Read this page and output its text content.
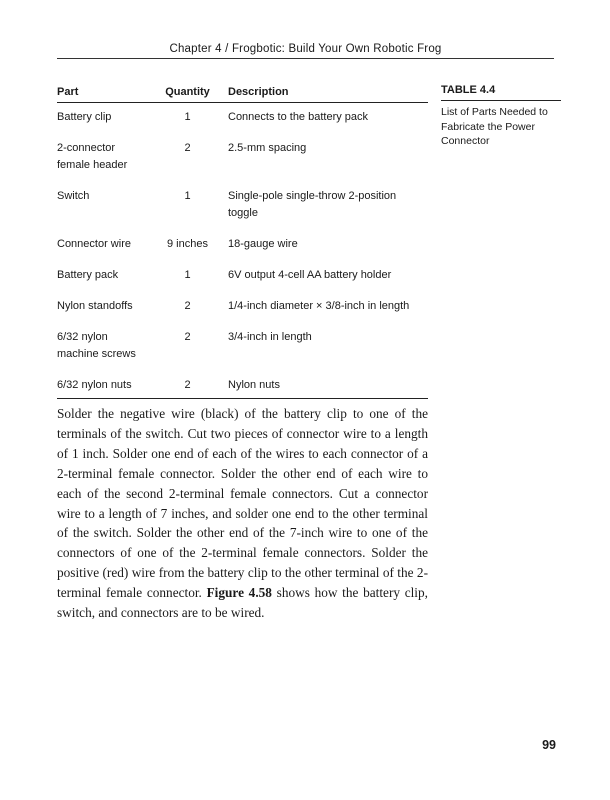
Chapter 4 / Frogbotic: Build Your Own Robotic Frog
Part	Quantity	Description
Battery clip	1	Connects to the battery pack
2-connector female header	2	2.5-mm spacing
Switch	1	Single-pole single-throw 2-position toggle
Connector wire	9 inches	18-gauge wire
Battery pack	1	6V output 4-cell AA battery holder
Nylon standoffs	2	1/4-inch diameter × 3/8-inch in length
6/32 nylon machine screws	2	3/4-inch in length
6/32 nylon nuts	2	Nylon nuts
TABLE 4.4
List of Parts Needed to Fabricate the Power Connector

Solder the negative wire (black) of the battery clip to one of the terminals of the switch. Cut two pieces of connector wire to a length of 1 inch. Solder one end of each of the wires to each connector of a 2-terminal female connector. Solder the other end of each wire to each of the second 2-terminal female connectors. Cut a connector wire to a length of 7 inches, and solder one end to the other terminal of the switch. Solder the other end of the 7-inch wire to one of the connectors of one of the 2-terminal female connectors. Solder the positive (red) wire from the battery clip to the other terminal of the 2-terminal female connector. Figure 4.58 shows how the battery clip, switch, and connectors are to be wired.

99
